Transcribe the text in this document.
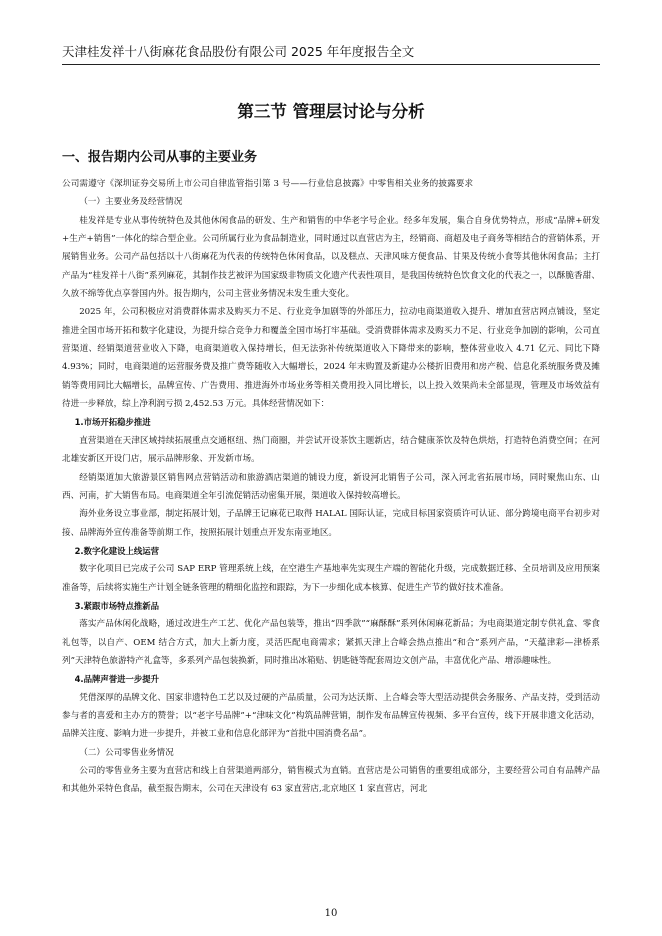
天津桂发祥十八街麻花食品股份有限公司 2025 年年度报告全文
第三节 管理层讨论与分析
一、报告期内公司从事的主要业务

公司需遵守《深圳证券交易所上市公司自律监管指引第 3 号——行业信息披露》中零售相关业务的披露要求

（一）主要业务及经营情况

桂发祥是专业从事传统特色及其他休闲食品的研发、生产和销售的中华老字号企业。经多年发展，集合自身优势特点，形成“品牌+研发+生产+销售”一体化的综合型企业。公司所属行业为食品制造业，同时通过以直营店为主，经销商、商超及电子商务等相结合的营销体系，开展销售业务。公司产品包括以十八街麻花为代表的传统特色休闲食品，以及糕点、天津风味方便食品、甘果及传统小食等其他休闲食品；主打产品为“桂发祥十八街”系列麻花，其制作技艺被评为国家级非物质文化遗产代表性项目，是我国传统特色饮食文化的代表之一，以酥脆香甜、久放不绵等优点享誉国内外。报告期内，公司主营业务情况未发生重大变化。

2025 年，公司积极应对消费群体需求及购买力不足、行业竞争加剧等的外部压力，拉动电商渠道收入提升、增加直营店网点铺设，坚定推进全国市场开拓和数字化建设，为提升综合竞争力和覆盖全国市场打牢基础。受消费群体需求及购买力不足、行业竞争加剧的影响，公司直营渠道、经销渠道营业收入下降，电商渠道收入保持增长，但无法弥补传统渠道收入下降带来的影响，整体营业收入 4.71 亿元、同比下降 4.93%；同时，电商渠道的运营服务费及推广费等随收入大幅增长，2024 年末购置及新建办公楼折旧费用和房产税、信息化系统服务费及摊销等费用同比大幅增长，品牌宣传、广告费用、推进海外市场业务等相关费用投入同比增长，以上投入效果尚未全部显现，管理及市场效益有待进一步释放，综上净利润亏损 2,452.53 万元。具体经营情况如下：

1.市场开拓稳步推进

直营渠道在天津区域持续拓展重点交通枢纽、热门商圈，并尝试开设茶饮主题新店，结合健康茶饮及特色烘焙，打造特色消费空间；在河北雄安新区开设门店，展示品牌形象、开发新市场。

经销渠道加大旅游景区销售网点营销活动和旅游酒店渠道的铺设力度，新设河北销售子公司，深入河北省拓展市场，同时聚焦山东、山西、河南，扩大销售布局。电商渠道全年引流促销活动密集开展，渠道收入保持较高增长。

海外业务设立事业部，制定拓展计划，子品牌王记麻花已取得 HALAL 国际认证，完成目标国家资质许可认证、部分跨境电商平台初步对接、品牌海外宣传准备等前期工作，按照拓展计划重点开发东南亚地区。

2.数字化建设上线运营

数字化项目已完成子公司 SAP ERP 管理系统上线，在空港生产基地率先实现生产端的智能化升级，完成数据迁移、全员培训及应用预案准备等，后续将实施生产计划全链条管理的精细化监控和跟踪，为下一步细化成本核算、促进生产节约做好技术准备。

3.紧跟市场特点推新品

落实产品休闲化战略，通过改进生产工艺、优化产品包装等，推出“四季款”“麻酥酥”系列休闲麻花新品；为电商渠道定制专供礼盒、零食礼包等，以自产、OEM 结合方式，加大上新力度，灵活匹配电商需求；紧抓天津上合峰会热点推出“和合”系列产品，“天蕴津彩—津桥系列”天津特色旅游特产礼盒等，多系列产品包装换新，同时推出冰箱贴、钥匙链等配套周边文创产品，丰富优化产品、增添趣味性。

4.品牌声誉进一步提升

凭借深厚的品牌文化、国家非遗特色工艺以及过硬的产品质量，公司为达沃斯、上合峰会等大型活动提供会务服务、产品支持，受到活动参与者的喜爱和主办方的赞誉；以“老字号品牌”+“津味文化”构筑品牌营销，制作发布品牌宣传视频、多平台宣传，线下开展非遗文化活动，品牌关注度、影响力进一步提升，并被工业和信息化部评为“首批中国消费名品”。

（二）公司零售业务情况

公司的零售业务主要为直营店和线上自营渠道两部分，销售模式为直销。直营店是公司销售的重要组成部分，主要经营公司自有品牌产品和其他外采特色食品，截至报告期末，公司在天津设有 63 家直营店,北京地区 1 家直营店，河北

10
